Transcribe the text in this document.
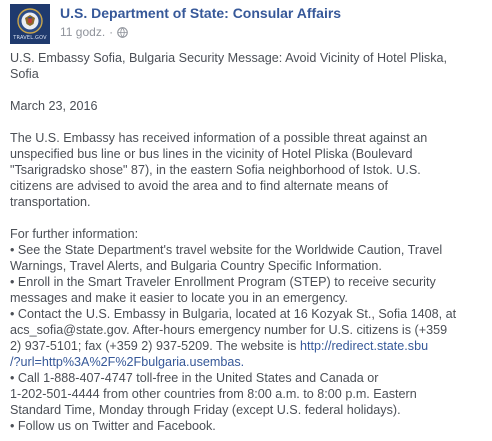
TRAVEL.GOV
U.S. Department of State: Consular Affairs
11 godz. ·

U.S. Embassy Sofia, Bulgaria Security Message: Avoid Vicinity of Hotel Pliska,

Sofia

March 23, 2016

The U.S. Embassy has received information of a possible threat against an

unspecified bus line or bus lines in the vicinity of Hotel Pliska (Boulevard

"Tsarigradsko shose" 87), in the eastern Sofia neighborhood of Istok. U.S.

citizens are advised to avoid the area and to find alternate means of

transportation.

For further information:

• See the State Department's travel website for the Worldwide Caution, Travel

Warnings, Travel Alerts, and Bulgaria Country Specific Information.

• Enroll in the Smart Traveler Enrollment Program (STEP) to receive security

messages and make it easier to locate you in an emergency.

• Contact the U.S. Embassy in Bulgaria, located at 16 Kozyak St., Sofia 1408, at

acs_sofia@state.gov. After-hours emergency number for U.S. citizens is (+359

2) 937-5101; fax (+359 2) 937-5209. The website is http://redirect.state.sbu

/?url=http%3A%2F%2Fbulgaria.usembas.

• Call 1-888-407-4747 toll-free in the United States and Canada or

1-202-501-4444 from other countries from 8:00 a.m. to 8:00 p.m. Eastern

Standard Time, Monday through Friday (except U.S. federal holidays).

• Follow us on Twitter and Facebook.
